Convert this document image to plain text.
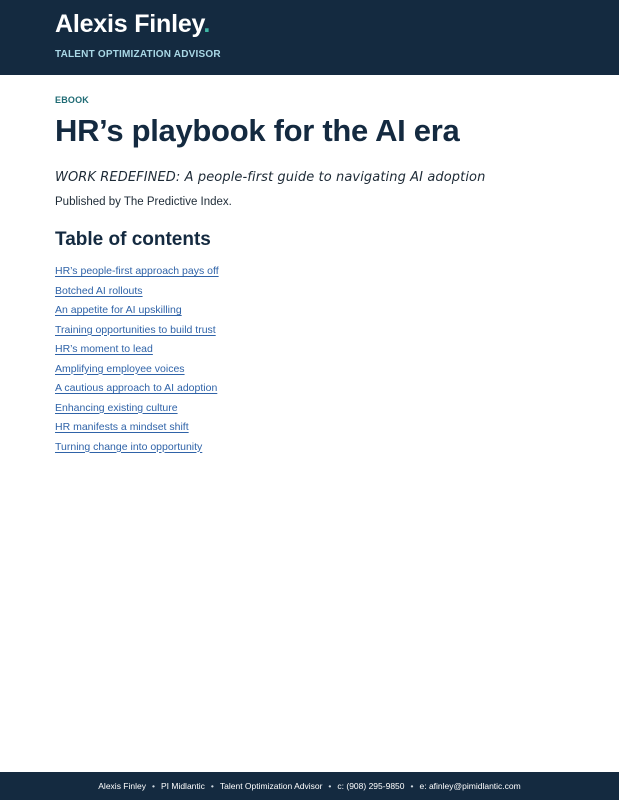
Alexis Finley.
TALENT OPTIMIZATION ADVISOR
EBOOK
HR’s playbook for the AI era
WORK REDEFINED: A people-first guide to navigating AI adoption
Published by The Predictive Index.
Table of contents
HR’s people-first approach pays off
Botched AI rollouts
An appetite for AI upskilling
Training opportunities to build trust
HR’s moment to lead
Amplifying employee voices
A cautious approach to AI adoption
Enhancing existing culture
HR manifests a mindset shift
Turning change into opportunity
Alexis Finley • PI Midlantic • Talent Optimization Advisor • c: (908) 295-9850 • e: afinley@pimidlantic.com
